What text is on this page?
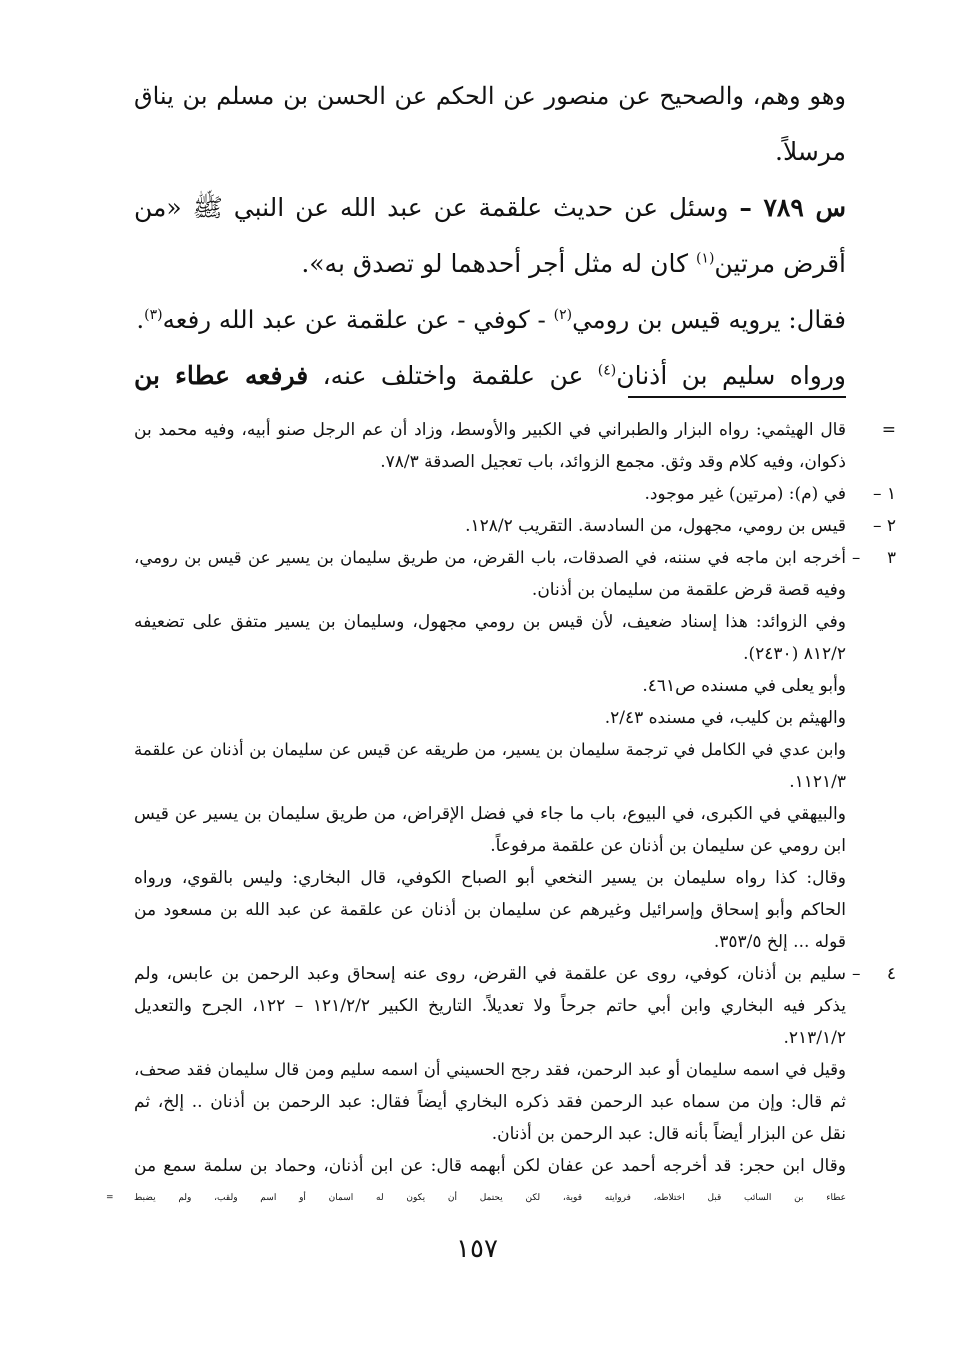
وهو وهم، والصحيح عن منصور عن الحكم عن الحسن بن مسلم بن يناق
مرسلاً.
س ٧٨٩ – وسئل عن حديث علقمة عن عبد الله عن النبي ﷺ «من
أقرض مرتين$^{(١)}$ كان له مثل أجر أحدهما لو تصدق به».
فقال: يرويه قيس بن رومي$^{(٢)}$ - كوفي - عن علقمة عن عبد الله رفعه$^{(٣)}$.
ورواه سليم بن أذنان$^{(٤)}$ عن علقمة واختلف عنه، فرفعه عطاء بن
=
قال الهيثمي: رواه البزار والطبراني في الكبير والأوسط، وزاد أن عم الرجل صنو أبيه، وفيه محمد بن
ذكوان، وفيه كلام وقد وثق. مجمع الزوائد، باب تعجيل الصدقة ٧٨/٣.
١ –
في (م): (مرتين) غير موجود.
٢ –
قيس بن رومي، مجهول، من السادسة. التقريب ١٢٨/٢.
٣ –
أخرجه ابن ماجه في سننه، في الصدقات، باب القرض، من طريق سليمان بن يسير عن قيس بن رومي،
وفيه قصة قرض علقمة من سليمان بن أذنان.
وفي الزوائد: هذا إسناد ضعيف، لأن قيس بن رومي مجهول، وسليمان بن يسير متفق على تضعيفه
٨١٢/٢ (٢٤٣٠).
وأبو يعلى في مسنده ص٤٦١.
والهيثم بن كليب، في مسنده ٢/٤٣.
وابن عدي في الكامل في ترجمة سليمان بن يسير، من طريقه عن قيس عن سليمان بن أذنان عن علقمة
١١٢١/٣.
والبيهقي في الكبرى، في البيوع، باب ما جاء في فضل الإقراض، من طريق سليمان بن يسير عن قيس
ابن رومي عن سليمان بن أذنان عن علقمة مرفوعاً.
وقال: كذا رواه سليمان بن يسير النخعي أبو الصباح الكوفي، قال البخاري: وليس بالقوي، ورواه
الحاكم وأبو إسحاق وإسرائيل وغيرهم عن سليمان بن أذنان عن علقمة عن عبد الله بن مسعود من
قوله ... إلخ ٣٥٣/٥.
٤ –
سليم بن أذنان، كوفي، روى عن علقمة في القرض، روى عنه إسحاق وعبد الرحمن بن عابس، ولم
يذكر فيه البخاري وابن أبي حاتم جرحاً ولا تعديلاً. التاريخ الكبير ١٢١/٢/٢ – ١٢٢، الجرح والتعديل
٢١٣/١/٢.
وقيل في اسمه سليمان أو عبد الرحمن، فقد رجح الحسيني أن اسمه سليم ومن قال سليمان فقد صحف،
ثم قال: وإن من سماه عبد الرحمن فقد ذكره البخاري أيضاً فقال: عبد الرحمن بن أذنان .. إلخ، ثم
نقل عن البزار أيضاً بأنه قال: عبد الرحمن بن أذنان.
وقال ابن حجر: قد أخرجه أحمد عن عفان لكن أبهمه قال: عن ابن أذنان، وحماد بن سلمة سمع من
عطاء بن السائب قبل اختلاطه، فروايته قوية، لكن يحتمل أن يكون له اسمان أو اسم ولقب، ولم يضبط
=
١٥٧
